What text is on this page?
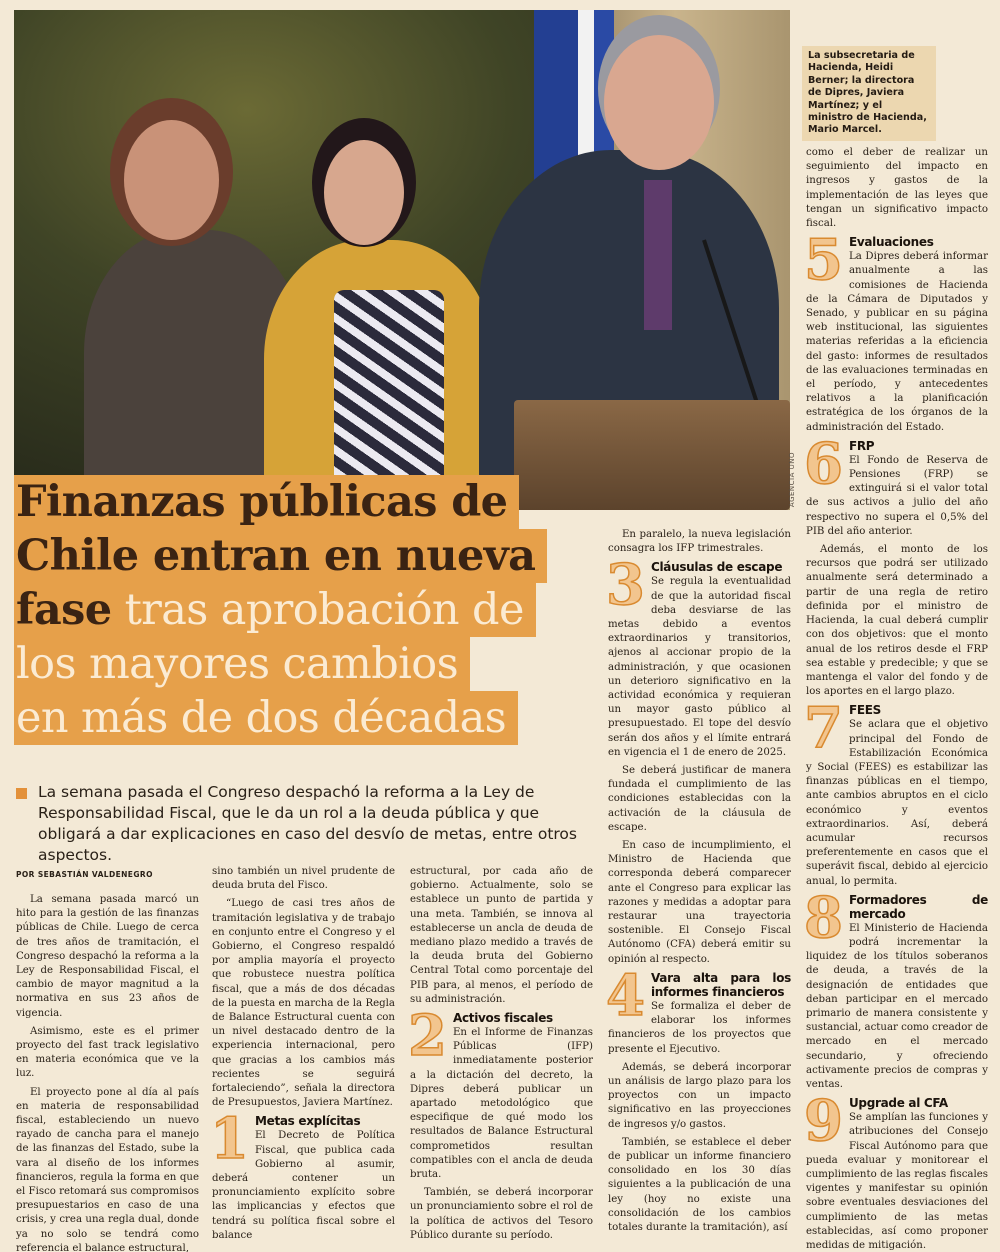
AGENCIA UNO
La subsecretaria de Hacienda, Heidi Berner; la directora de Dipres, Javiera Martínez; y el ministro de Hacienda, Mario Marcel.
Finanzas públicas de
Chile entran en nueva
fase tras aprobación de
los mayores cambios
en más de dos décadas
La semana pasada el Congreso despachó la reforma a la Ley de Responsabilidad Fiscal, que le da un rol a la deuda pública y que obligará a dar explicaciones en caso del desvío de metas, entre otros aspectos.
POR SEBASTIÁN VALDENEGRO

La semana pasada marcó un hito para la gestión de las finanzas públicas de Chile. Luego de cerca de tres años de tramitación, el Congreso despachó la reforma a la Ley de Responsabilidad Fiscal, el cambio de mayor magnitud a la normativa en sus 23 años de vigencia.

Asimismo, este es el primer proyecto del fast track legislativo en materia económica que ve la luz.

El proyecto pone al día al país en materia de responsabilidad fiscal, estableciendo un nuevo rayado de cancha para el manejo de las finanzas del Estado, sube la vara al diseño de los informes financieros, regula la forma en que el Fisco retomará sus compromisos presupuestarios en caso de una crisis, y crea una regla dual, donde ya no solo se tendrá como referencia el balance estructural,

sino también un nivel prudente de deuda bruta del Fisco.

“Luego de casi tres años de tramitación legislativa y de trabajo en conjunto entre el Congreso y el Gobierno, el Congreso respaldó por amplia mayoría el proyecto que robustece nuestra política fiscal, que a más de dos décadas de la puesta en marcha de la Regla de Balance Estructural cuenta con un nivel destacado dentro de la experiencia internacional, pero que gracias a los cambios más recientes se seguirá fortaleciendo”, señala la directora de Presupuestos, Javiera Martínez.

1 Metas explícitas

El Decreto de Política Fiscal, que publica cada Gobierno al asumir, deberá contener un pronunciamiento explícito sobre las implicancias y efectos que tendrá su política fiscal sobre el balance

estructural, por cada año de gobierno. Actualmente, solo se establece un punto de partida y una meta. También, se innova al establecerse un ancla de deuda de mediano plazo medido a través de la deuda bruta del Gobierno Central Total como porcentaje del PIB para, al menos, el período de su administración.

2 Activos fiscales

En el Informe de Finanzas Públicas (IFP) inmediatamente posterior a la dictación del decreto, la Dipres deberá publicar un apartado metodológico que especifique de qué modo los resultados de Balance Estructural comprometidos resultan compatibles con el ancla de deuda bruta.

También, se deberá incorporar un pronunciamiento sobre el rol de la política de activos del Tesoro Público durante su período.

En paralelo, la nueva legislación consagra los IFP trimestrales.

3 Cláusulas de escape

Se regula la eventualidad de que la autoridad fiscal deba desviarse de las metas debido a eventos extraordinarios y transitorios, ajenos al accionar propio de la administración, y que ocasionen un deterioro significativo en la actividad económica y requieran un mayor gasto público al presupuestado. El tope del desvío serán dos años y el límite entrará en vigencia el 1 de enero de 2025.

Se deberá justificar de manera fundada el cumplimiento de las condiciones establecidas con la activación de la cláusula de escape.

En caso de incumplimiento, el Ministro de Hacienda que corresponda deberá comparecer ante el Congreso para explicar las razones y medidas a adoptar para restaurar una trayectoria sostenible. El Consejo Fiscal Autónomo (CFA) deberá emitir su opinión al respecto.

4 Vara alta para los informes financieros

Se formaliza el deber de elaborar los informes financieros de los proyectos que presente el Ejecutivo.

Además, se deberá incorporar un análisis de largo plazo para los proyectos con un impacto significativo en las proyecciones de ingresos y/o gastos.

También, se establece el deber de publicar un informe financiero consolidado en los 30 días siguientes a la publicación de una ley (hoy no existe una consolidación de los cambios totales durante la tramitación), así

como el deber de realizar un seguimiento del impacto en ingresos y gastos de la implementación de las leyes que tengan un significativo impacto fiscal.

5 Evaluaciones

La Dipres deberá informar anualmente a las comisiones de Hacienda de la Cámara de Diputados y Senado, y publicar en su página web institucional, las siguientes materias referidas a la eficiencia del gasto: informes de resultados de las evaluaciones terminadas en el período, y antecedentes relativos a la planificación estratégica de los órganos de la administración del Estado.

6 FRP

El Fondo de Reserva de Pensiones (FRP) se extinguirá si el valor total de sus activos a julio del año respectivo no supera el 0,5% del PIB del año anterior.

Además, el monto de los recursos que podrá ser utilizado anualmente será determinado a partir de una regla de retiro definida por el ministro de Hacienda, la cual deberá cumplir con dos objetivos: que el monto anual de los retiros desde el FRP sea estable y predecible; y que se mantenga el valor del fondo y de los aportes en el largo plazo.

7 FEES

Se aclara que el objetivo principal del Fondo de Estabilización Económica y Social (FEES) es estabilizar las finanzas públicas en el tiempo, ante cambios abruptos en el ciclo económico y eventos extraordinarios. Así, deberá acumular recursos preferentemente en casos que el superávit fiscal, debido al ejercicio anual, lo permita.

8 Formadores de mercado

El Ministerio de Hacienda podrá incrementar la liquidez de los títulos soberanos de deuda, a través de la designación de entidades que deban participar en el mercado primario de manera consistente y sustancial, actuar como creador de mercado en el mercado secundario, y ofreciendo activamente precios de compras y ventas.

9 Upgrade al CFA

Se amplían las funciones y atribuciones del Consejo Fiscal Autónomo para que pueda evaluar y monitorear el cumplimiento de las reglas fiscales vigentes y manifestar su opinión sobre eventuales desviaciones del cumplimiento de las metas establecidas, así como proponer medidas de mitigación.
